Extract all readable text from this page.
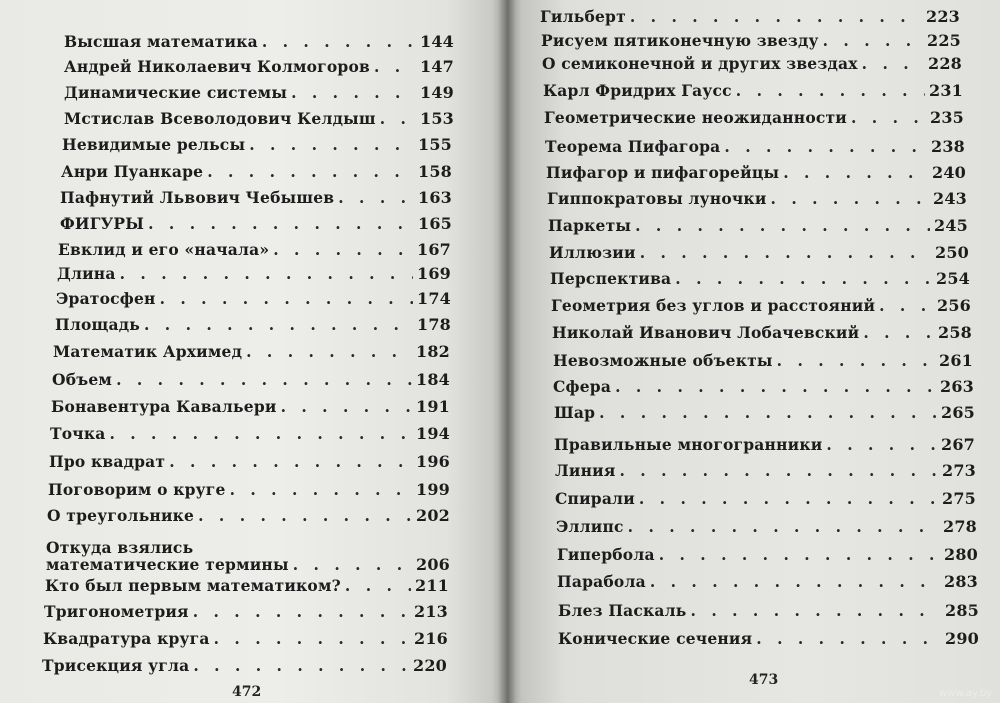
Высшая математика . . .	144
Андрей Николаевич Колмогоров . . .	147
Динамические системы . . .	149
Мстислав Всеволодович Келдыш . . .	153
Невидимые рельсы . . .	155
Анри Пуанкаре . . .	158
Пафнутий Львович Чебышев . . .	163
ФИГУРЫ . . .	165
Евклид и его «начала» . . .	167
Длина . . .	169
Эратосфен . . .	174
Площадь . . .	178
Математик Архимед . . .	182
Объем . . .	184
Бонавентура Кавальери . . .	191
Точка . . .	194
Про квадрат . . .	196
Поговорим о круге . . .	199
О треугольнике . . .	202
Откуда взялись
математические термины . . .	206
Кто был первым математиком? . . .	211
Тригонометрия . . .	213
Квадратура круга . . .	216
Трисекция угла . . .	220
472
Гильберт . . .	223
Рисуем пятиконечную звезду . . .	225
О семиконечной и других звездах . . .	228
Карл Фридрих Гаусс . . .	231
Геометрические неожиданности . . .	235
Теорема Пифагора . . .	238
Пифагор и пифагорейцы . . .	240
Гиппократовы луночки . . .	243
Паркеты . . .	245
Иллюзии . . .	250
Перспектива . . .	254
Геометрия без углов и расстояний . . .	256
Николай Иванович Лобачевский . . .	258
Невозможные объекты . . .	261
Сфера . . .	263
Шар . . .	265
Правильные многогранники . . .	267
Линия . . .	273
Спирали . . .	275
Эллипс . . .	278
Гипербола . . .	280
Парабола . . .	283
Блез Паскаль . . .	285
Конические сечения . . .	290
473
www.ay.by
